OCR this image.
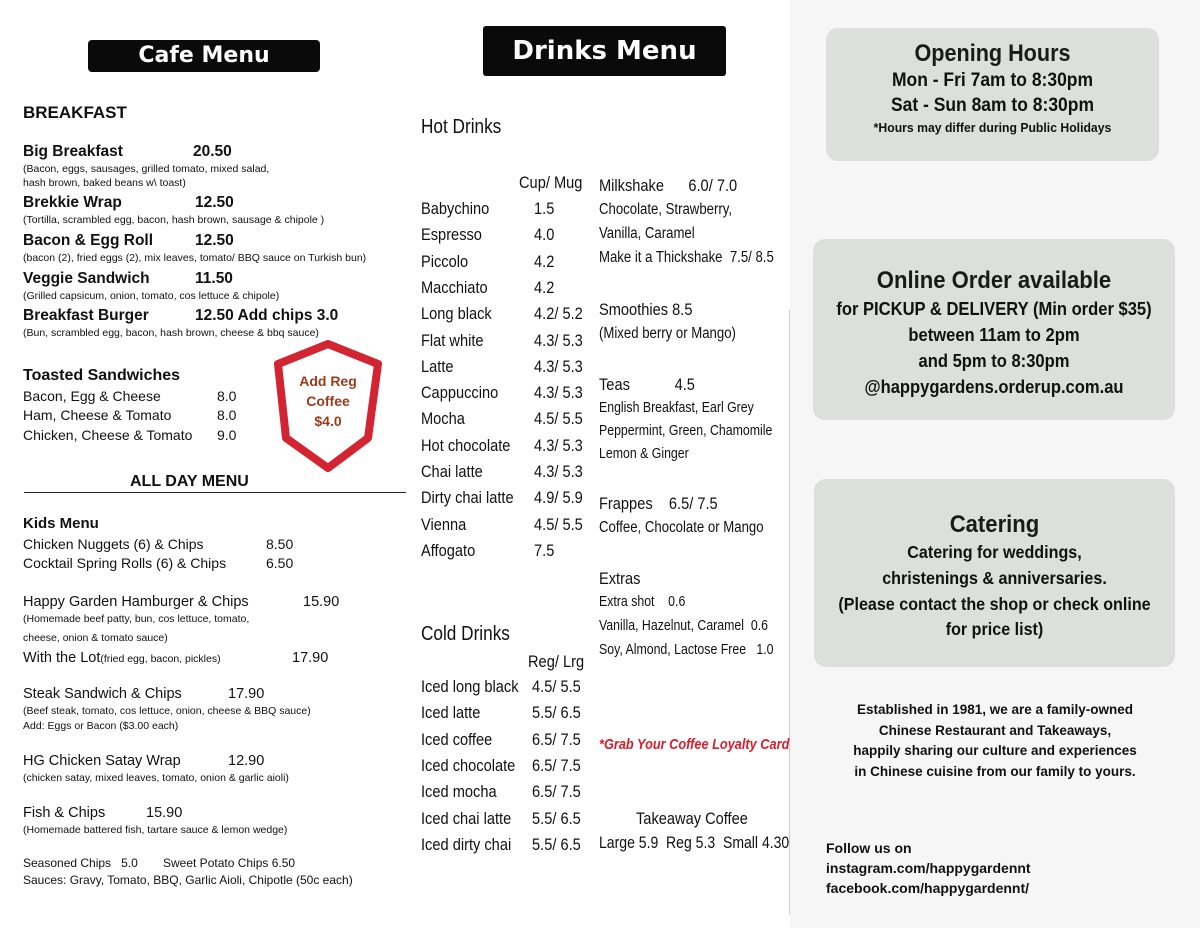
Cafe Menu
BREAKFAST
Big Breakfast	20.50
(Bacon, eggs, sausages, grilled tomato, mixed salad,
hash brown, baked beans w\ toast)
Brekkie Wrap	12.50
(Tortilla, scrambled egg, bacon, hash brown, sausage & chipole )
Bacon & Egg Roll	12.50
(bacon (2), fried eggs (2), mix leaves, tomato/ BBQ sauce on Turkish bun)
Veggie Sandwich	11.50
(Grilled capsicum, onion, tomato, cos lettuce & chipole)
Breakfast Burger	12.50 Add chips 3.0
(Bun, scrambled egg, bacon, hash brown, cheese & bbq sauce)
Toasted Sandwiches
Bacon, Egg & Cheese	8.0
Ham, Cheese & Tomato	8.0
Chicken, Cheese & Tomato 9.0
Add Reg
Coffee
$4.0
ALL DAY MENU
Kids Menu
Chicken Nuggets (6) & Chips	8.50
Cocktail Spring Rolls (6) & Chips	6.50
Happy Garden Hamburger & Chips	15.90
(Homemade beef patty, bun, cos lettuce, tomato,
cheese, onion & tomato sauce)
With the Lot(fried egg, bacon, pickles)	17.90
Steak Sandwich & Chips	17.90
(Beef steak, tomato, cos lettuce, onion, cheese & BBQ sauce)
Add: Eggs or Bacon ($3.00 each)
HG Chicken Satay Wrap	12.90
(chicken satay, mixed leaves, tomato, onion & garlic aioli)
Fish & Chips	15.90
(Homemade battered fish, tartare sauce & lemon wedge)
Seasoned Chips   5.0 Sweet Potato Chips 6.50
Sauces: Gravy, Tomato, BBQ, Garlic Aioli, Chipotle (50c each)
Drinks Menu
Hot Drinks
Cup/ Mug
Babychino	1.5
Espresso	4.0
Piccolo	4.2
Macchiato	4.2
Long black 4.2/ 5.2
Flat white	4.3/ 5.3
Latte	4.3/ 5.3
Cappuccino 4.3/ 5.3
Mocha	4.5/ 5.5
Hot chocolate 4.3/ 5.3
Chai latte	4.3/ 5.3
Dirty chai latte 4.9/ 5.9
Vienna	4.5/ 5.5
Affogato	7.5
Cold Drinks
Reg/ Lrg
Iced long black 4.5/ 5.5
Iced latte	5.5/ 6.5
Iced coffee 6.5/ 7.5
Iced chocolate 6.5/ 7.5
Iced mocha 6.5/ 7.5
Iced chai latte 5.5/ 6.5
Iced dirty chai 5.5/ 6.5
Milkshake      6.0/ 7.0
Chocolate, Strawberry,
Vanilla, Caramel
Make it a Thickshake  7.5/ 8.5
Smoothies 8.5
(Mixed berry or Mango)
Teas           4.5
English Breakfast, Earl Grey
Peppermint, Green, Chamomile
Lemon & Ginger
Frappes    6.5/ 7.5
Coffee, Chocolate or Mango
Extras
Extra shot    0.6
Vanilla, Hazelnut, Caramel  0.6
Soy, Almond, Lactose Free   1.0
*Grab Your Coffee Loyalty Card
Takeaway Coffee
Large 5.9  Reg 5.3  Small 4.30
Opening Hours
Mon - Fri 7am to 8:30pm
Sat - Sun 8am to 8:30pm
*Hours may differ during Public Holidays
Online Order available
for PICKUP & DELIVERY (Min order $35)
between 11am to 2pm
and 5pm to 8:30pm
@happygardens.orderup.com.au
Catering
Catering for weddings,
christenings & anniversaries.
(Please contact the shop or check online
for price list)
Established in 1981, we are a family-owned
Chinese Restaurant and Takeaways,
happily sharing our culture and experiences
in Chinese cuisine from our family to yours.
Follow us on
instagram.com/happygardennt
facebook.com/happygardennt/
